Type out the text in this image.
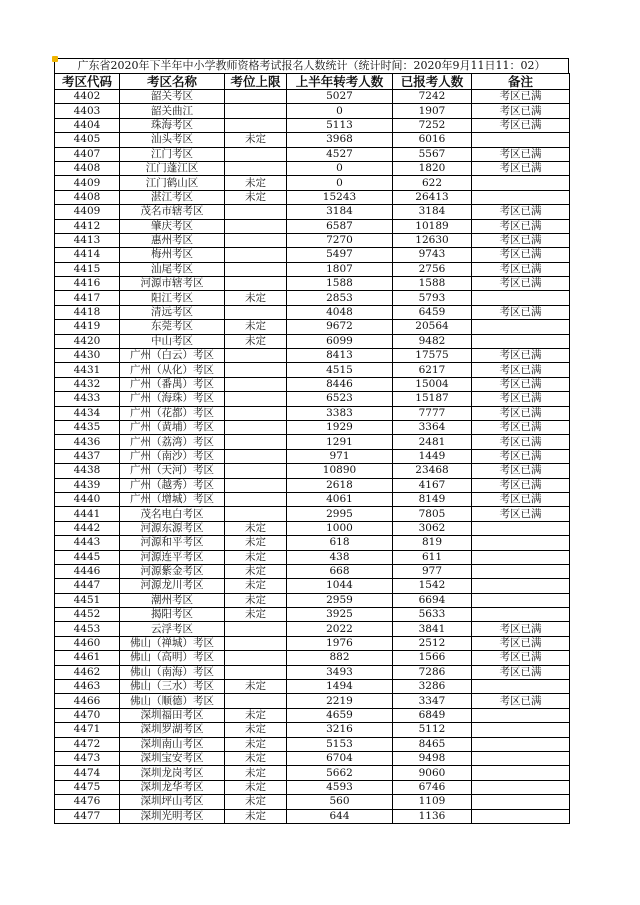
广东省2020年下半年中小学教师资格考试报名人数统计（统计时间：2020年9月11日11：02）
考区代码	考区名称	考位上限	上半年转考人数	已报考人数	备注
4402	韶关考区		5027	7242	考区已满
4403	韶关曲江		0	1907	考区已满
4404	珠海考区		5113	7252	考区已满
4405	汕头考区	未定	3968	6016	
4407	江门考区		4527	5567	考区已满
4408	江门蓬江区		0	1820	考区已满
4409	江门鹤山区	未定	0	622	
4408	湛江考区	未定	15243	26413	
4409	茂名市辖考区		3184	3184	考区已满
4412	肇庆考区		6587	10189	考区已满
4413	惠州考区		7270	12630	考区已满
4414	梅州考区		5497	9743	考区已满
4415	汕尾考区		1807	2756	考区已满
4416	河源市辖考区		1588	1588	考区已满
4417	阳江考区	未定	2853	5793	
4418	清远考区		4048	6459	考区已满
4419	东莞考区	未定	9672	20564	
4420	中山考区	未定	6099	9482	
4430	广州（白云）考区		8413	17575	考区已满
4431	广州（从化）考区		4515	6217	考区已满
4432	广州（番禺）考区		8446	15004	考区已满
4433	广州（海珠）考区		6523	15187	考区已满
4434	广州（花都）考区		3383	7777	考区已满
4435	广州（黄埔）考区		1929	3364	考区已满
4436	广州（荔湾）考区		1291	2481	考区已满
4437	广州（南沙）考区		971	1449	考区已满
4438	广州（天河）考区		10890	23468	考区已满
4439	广州（越秀）考区		2618	4167	考区已满
4440	广州（增城）考区		4061	8149	考区已满
4441	茂名电白考区		2995	7805	考区已满
4442	河源东源考区	未定	1000	3062	
4443	河源和平考区	未定	618	819	
4445	河源连平考区	未定	438	611	
4446	河源紫金考区	未定	668	977	
4447	河源龙川考区	未定	1044	1542	
4451	潮州考区	未定	2959	6694	
4452	揭阳考区	未定	3925	5633	
4453	云浮考区		2022	3841	考区已满
4460	佛山（禅城）考区		1976	2512	考区已满
4461	佛山（高明）考区		882	1566	考区已满
4462	佛山（南海）考区		3493	7286	考区已满
4463	佛山（三水）考区	未定	1494	3286	
4466	佛山（顺德）考区		2219	3347	考区已满
4470	深圳福田考区	未定	4659	6849	
4471	深圳罗湖考区	未定	3216	5112	
4472	深圳南山考区	未定	5153	8465	
4473	深圳宝安考区	未定	6704	9498	
4474	深圳龙岗考区	未定	5662	9060	
4475	深圳龙华考区	未定	4593	6746	
4476	深圳坪山考区	未定	560	1109	
4477	深圳光明考区	未定	644	1136	
